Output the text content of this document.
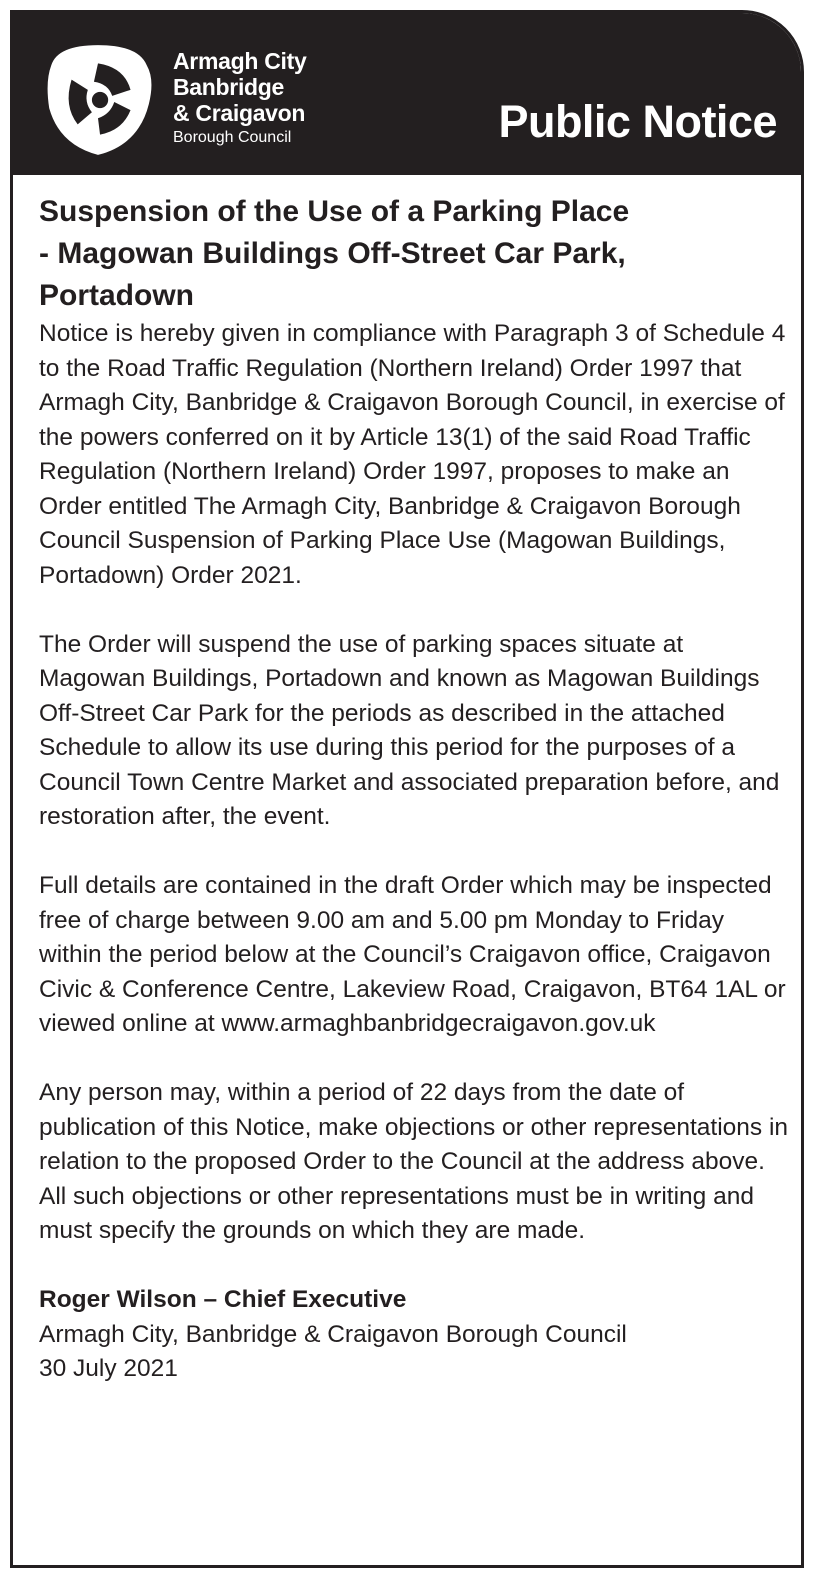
Armagh City
Banbridge
& Craigavon
Borough Council	Public Notice
Suspension of the Use of a Parking Place
- Magowan Buildings Off-Street Car Park,
Portadown

Notice is hereby given in compliance with Paragraph 3 of Schedule 4 to the Road Traffic Regulation (Northern Ireland) Order 1997 that Armagh City, Banbridge & Craigavon Borough Council, in exercise of the powers conferred on it by Article 13(1) of the said Road Traffic Regulation (Northern Ireland) Order 1997, proposes to make an Order entitled The Armagh City, Banbridge & Craigavon Borough Council Suspension of Parking Place Use (Magowan Buildings, Portadown) Order 2021.

The Order will suspend the use of parking spaces situate at Magowan Buildings, Portadown and known as Magowan Buildings Off-Street Car Park for the periods as described in the attached Schedule to allow its use during this period for the purposes of a Council Town Centre Market and associated preparation before, and restoration after, the event.

Full details are contained in the draft Order which may be inspected free of charge between 9.00 am and 5.00 pm Monday to Friday within the period below at the Council’s Craigavon office, Craigavon Civic & Conference Centre, Lakeview Road, Craigavon, BT64 1AL or viewed online at www.armaghbanbridgecraigavon.gov.uk

Any person may, within a period of 22 days from the date of publication of this Notice, make objections or other representations in relation to the proposed Order to the Council at the address above. All such objections or other representations must be in writing and must specify the grounds on which they are made.

Roger Wilson – Chief Executive
Armagh City, Banbridge & Craigavon Borough Council
30 July 2021
